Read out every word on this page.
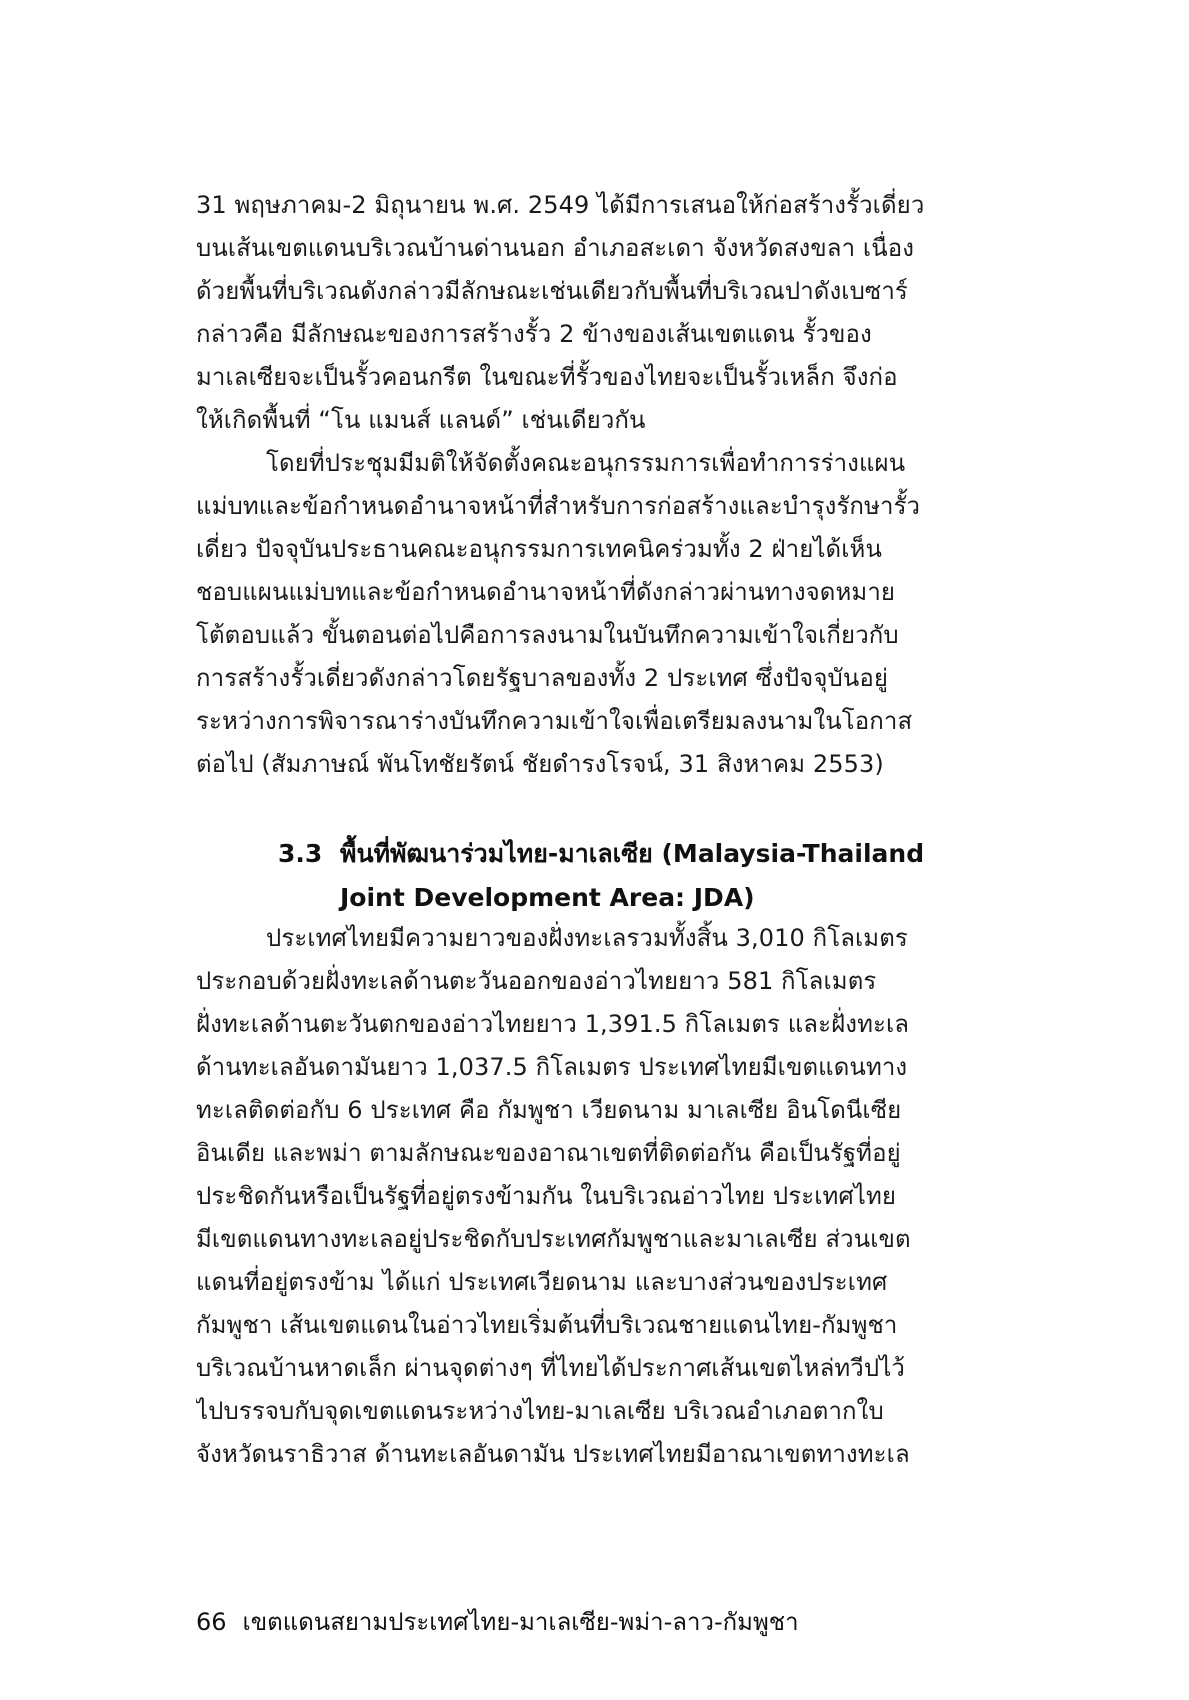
31 พฤษภาคม-2 มิถุนายน พ.ศ. 2549 ได้มีการเสนอให้ก่อสร้างรั้วเดี่ยว
บนเส้นเขตแดนบริเวณบ้านด่านนอก อำเภอสะเดา จังหวัดสงขลา เนื่อง
ด้วยพื้นที่บริเวณดังกล่าวมีลักษณะเช่นเดียวกับพื้นที่บริเวณปาดังเบซาร์
กล่าวคือ มีลักษณะของการสร้างรั้ว 2 ข้างของเส้นเขตแดน รั้วของ
มาเลเซียจะเป็นรั้วคอนกรีต ในขณะที่รั้วของไทยจะเป็นรั้วเหล็ก จึงก่อ
ให้เกิดพื้นที่ “โน แมนส์ แลนด์” เช่นเดียวกัน
โดยที่ประชุมมีมติให้จัดตั้งคณะอนุกรรมการเพื่อทำการร่างแผน
แม่บทและข้อกำหนดอำนาจหน้าที่สำหรับการก่อสร้างและบำรุงรักษารั้ว
เดี่ยว ปัจจุบันประธานคณะอนุกรรมการเทคนิคร่วมทั้ง 2 ฝ่ายได้เห็น
ชอบแผนแม่บทและข้อกำหนดอำนาจหน้าที่ดังกล่าวผ่านทางจดหมาย
โต้ตอบแล้ว ขั้นตอนต่อไปคือการลงนามในบันทึกความเข้าใจเกี่ยวกับ
การสร้างรั้วเดี่ยวดังกล่าวโดยรัฐบาลของทั้ง 2 ประเทศ ซึ่งปัจจุบันอยู่
ระหว่างการพิจารณาร่างบันทึกความเข้าใจเพื่อเตรียมลงนามในโอกาส
ต่อไป (สัมภาษณ์ พันโทชัยรัตน์ ชัยดำรงโรจน์, 31 สิงหาคม 2553)
3.3 พื้นที่พัฒนาร่วมไทย-มาเลเซีย (Malaysia-Thailand
Joint Development Area: JDA)
ประเทศไทยมีความยาวของฝั่งทะเลรวมทั้งสิ้น 3,010 กิโลเมตร
ประกอบด้วยฝั่งทะเลด้านตะวันออกของอ่าวไทยยาว 581 กิโลเมตร
ฝั่งทะเลด้านตะวันตกของอ่าวไทยยาว 1,391.5 กิโลเมตร และฝั่งทะเล
ด้านทะเลอันดามันยาว 1,037.5 กิโลเมตร ประเทศไทยมีเขตแดนทาง
ทะเลติดต่อกับ 6 ประเทศ คือ กัมพูชา เวียดนาม มาเลเซีย อินโดนีเซีย
อินเดีย และพม่า ตามลักษณะของอาณาเขตที่ติดต่อกัน คือเป็นรัฐที่อยู่
ประชิดกันหรือเป็นรัฐที่อยู่ตรงข้ามกัน ในบริเวณอ่าวไทย ประเทศไทย
มีเขตแดนทางทะเลอยู่ประชิดกับประเทศกัมพูชาและมาเลเซีย ส่วนเขต
แดนที่อยู่ตรงข้าม ได้แก่ ประเทศเวียดนาม และบางส่วนของประเทศ
กัมพูชา เส้นเขตแดนในอ่าวไทยเริ่มต้นที่บริเวณชายแดนไทย-กัมพูชา
บริเวณบ้านหาดเล็ก ผ่านจุดต่างๆ ที่ไทยได้ประกาศเส้นเขตไหล่ทวีปไว้
ไปบรรจบกับจุดเขตแดนระหว่างไทย-มาเลเซีย บริเวณอำเภอตากใบ
จังหวัดนราธิวาส ด้านทะเลอันดามัน ประเทศไทยมีอาณาเขตทางทะเล
66 เขตแดนสยามประเทศไทย-มาเลเซีย-พม่า-ลาว-กัมพูชา
